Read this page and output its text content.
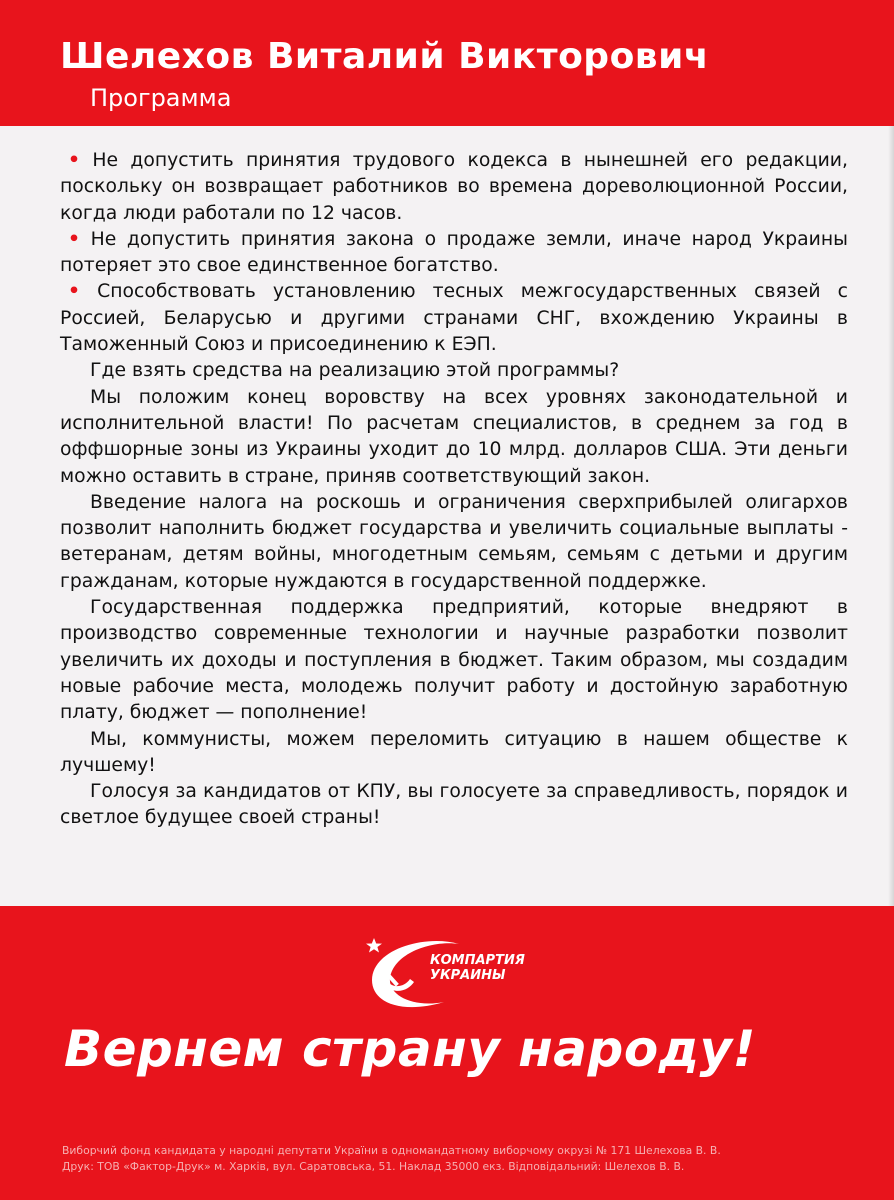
Шелехов Виталий Викторович
Программа

• Не допустить принятия трудового кодекса в нынешней его редакции, поскольку он возвращает работников во времена дореволюционной России, когда люди работали по 12 часов.

• Не допустить принятия закона о продаже земли, иначе народ Украины потеряет это свое единственное богатство.

• Способствовать установлению тесных межгосударственных связей с Россией, Беларусью и другими странами СНГ, вхождению Украины в Таможенный Союз и присоединению к ЕЭП.

Где взять средства на реализацию этой программы?

Мы положим конец воровству на всех уровнях законодательной и исполнительной власти! По расчетам специалистов, в среднем за год в оффшорные зоны из Украины уходит до 10 млрд. долларов США. Эти деньги можно оставить в стране, приняв соответствующий закон.

Введение налога на роскошь и ограничения сверхприбылей олигархов позволит наполнить бюджет государства и увеличить социальные выплаты - ветеранам, детям войны, многодетным семьям, семьям с детьми и другим гражданам, которые нуждаются в государственной поддержке.

Государственная поддержка предприятий, которые внедряют в производство современные технологии и научные разработки позволит увеличить их доходы и поступления в бюджет. Таким образом, мы создадим новые рабочие места, молодежь получит работу и достойную заработную плату, бюджет — пополнение!

Мы, коммунисты, можем переломить ситуацию в нашем обществе к лучшему!

Голосуя за кандидатов от КПУ, вы голосуете за справедливость, порядок и светлое будущее своей страны!

КОМПАРТИЯ
УКРАИНЫ
Вернем страну народу!
Виборчий фонд кандидата у народні депутати України в одномандатному виборчому окрузі № 171 Шелехова В. В.
Друк: ТОВ «Фактор-Друк» м. Харків, вул. Саратовська, 51. Наклад 35000 екз. Відповідальний: Шелехов В. В.
